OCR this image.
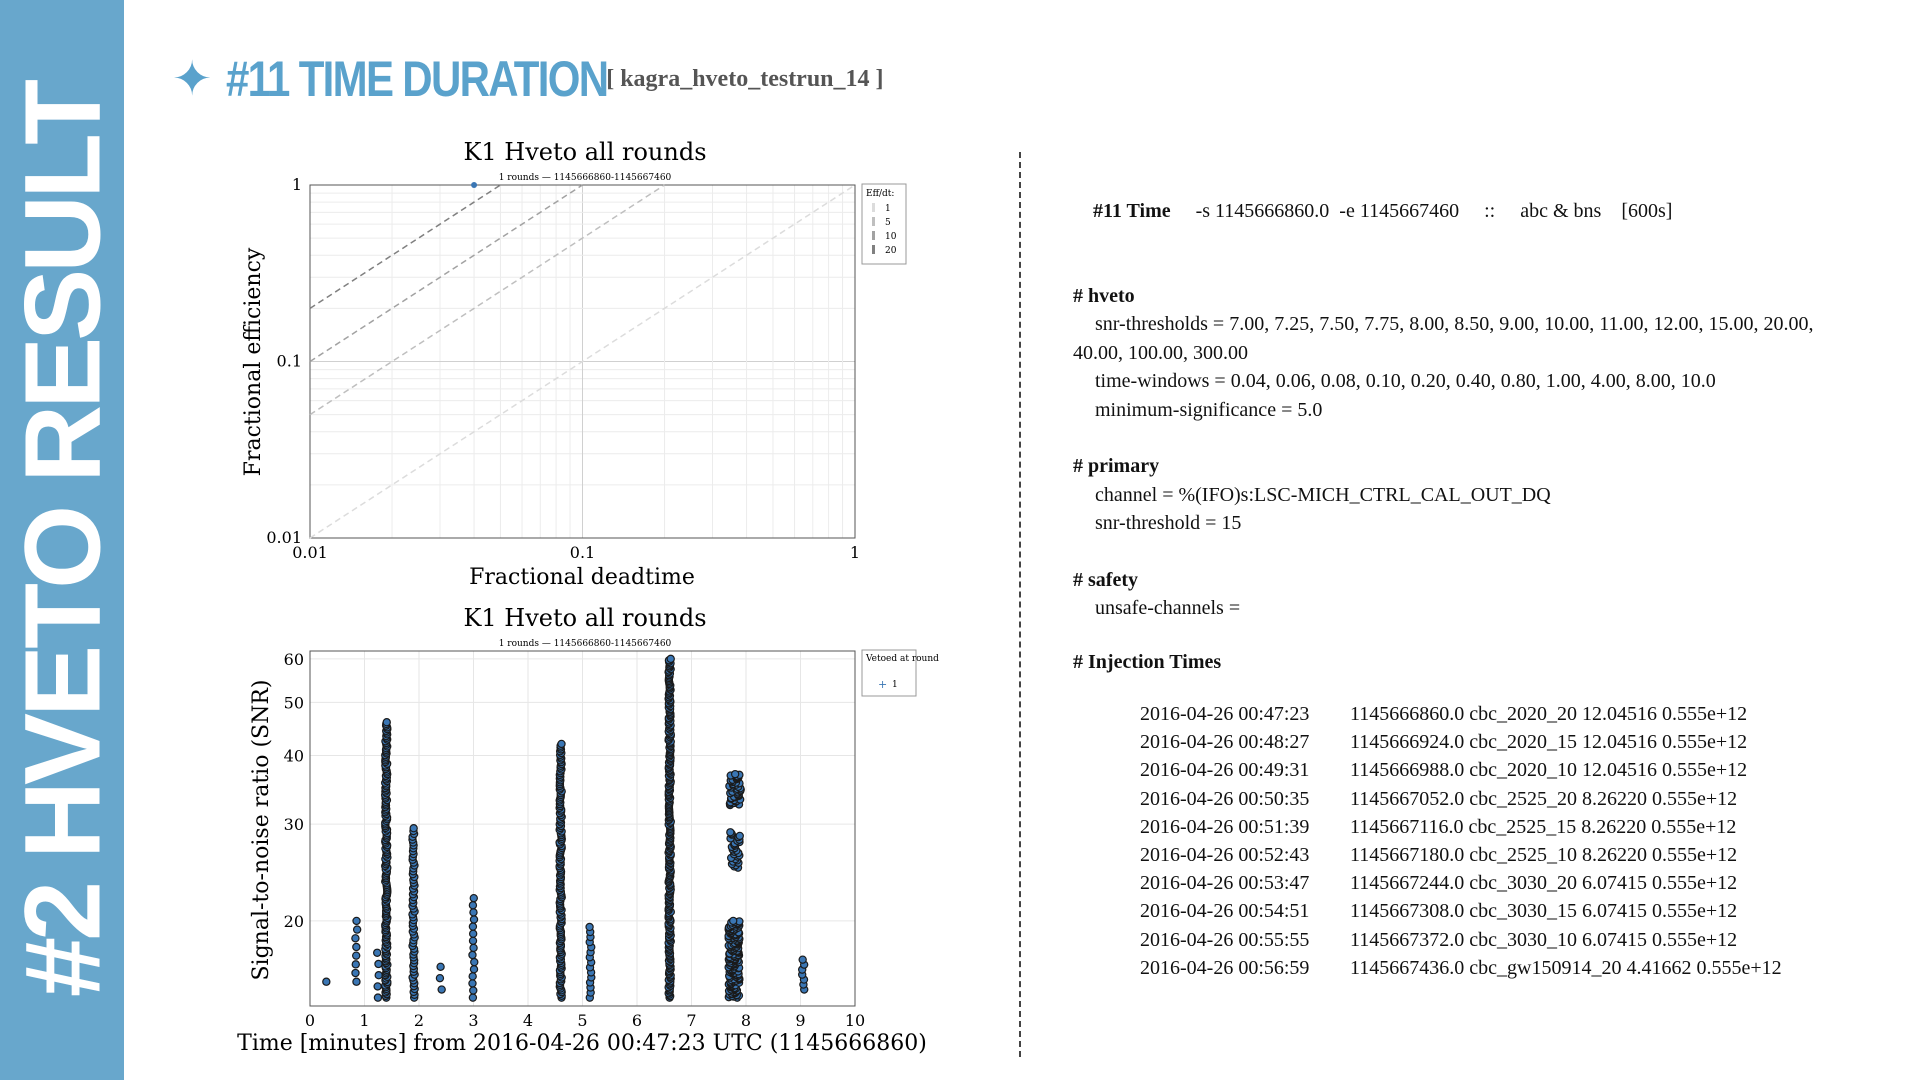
#2 HVETO RESULT
✦ #11 TIME DURATION
[ kagra_hveto_testrun_14 ]
K1 Hveto all rounds
1 rounds — 1145666860-1145667460
0.01	0.1	1
0.01
0.1
1
Fractional deadtime
Fractional efficiency
Eff/dt:
1
5
10
20
K1 Hveto all rounds
1 rounds — 1145666860-1145667460
0	1	2	3	4	5	6	7	8	9 10
20
30
40
50
60
Time [minutes] from 2016-04-26 00:47:23 UTC (1145666860)
Signal-to-noise ratio (SNR)
Vetoed at round
+ 1

#11 Time -s 1145666860.0  -e 1145667460 :: abc & bns [600s]

# hveto
snr-thresholds = 7.00, 7.25, 7.50, 7.75, 8.00, 8.50, 9.00, 10.00, 11.00, 12.00, 15.00, 20.00,
40.00, 100.00, 300.00
time-windows = 0.04, 0.06, 0.08, 0.10, 0.20, 0.40, 0.80, 1.00, 4.00, 8.00, 10.0
minimum-significance = 5.0
# primary
channel = %(IFO)s:LSC-MICH_CTRL_CAL_OUT_DQ
snr-threshold = 15
# safety
unsafe-channels =
# Injection Times
2016-04-26 00:47:23	1145666860.0 cbc_2020_20 12.04516 0.555e+12
2016-04-26 00:48:27	1145666924.0 cbc_2020_15 12.04516 0.555e+12
2016-04-26 00:49:31	1145666988.0 cbc_2020_10 12.04516 0.555e+12
2016-04-26 00:50:35	1145667052.0 cbc_2525_20 8.26220 0.555e+12
2016-04-26 00:51:39	1145667116.0 cbc_2525_15 8.26220 0.555e+12
2016-04-26 00:52:43	1145667180.0 cbc_2525_10 8.26220 0.555e+12
2016-04-26 00:53:47	1145667244.0 cbc_3030_20 6.07415 0.555e+12
2016-04-26 00:54:51	1145667308.0 cbc_3030_15 6.07415 0.555e+12
2016-04-26 00:55:55	1145667372.0 cbc_3030_10 6.07415 0.555e+12
2016-04-26 00:56:59	1145667436.0 cbc_gw150914_20 4.41662 0.555e+12
